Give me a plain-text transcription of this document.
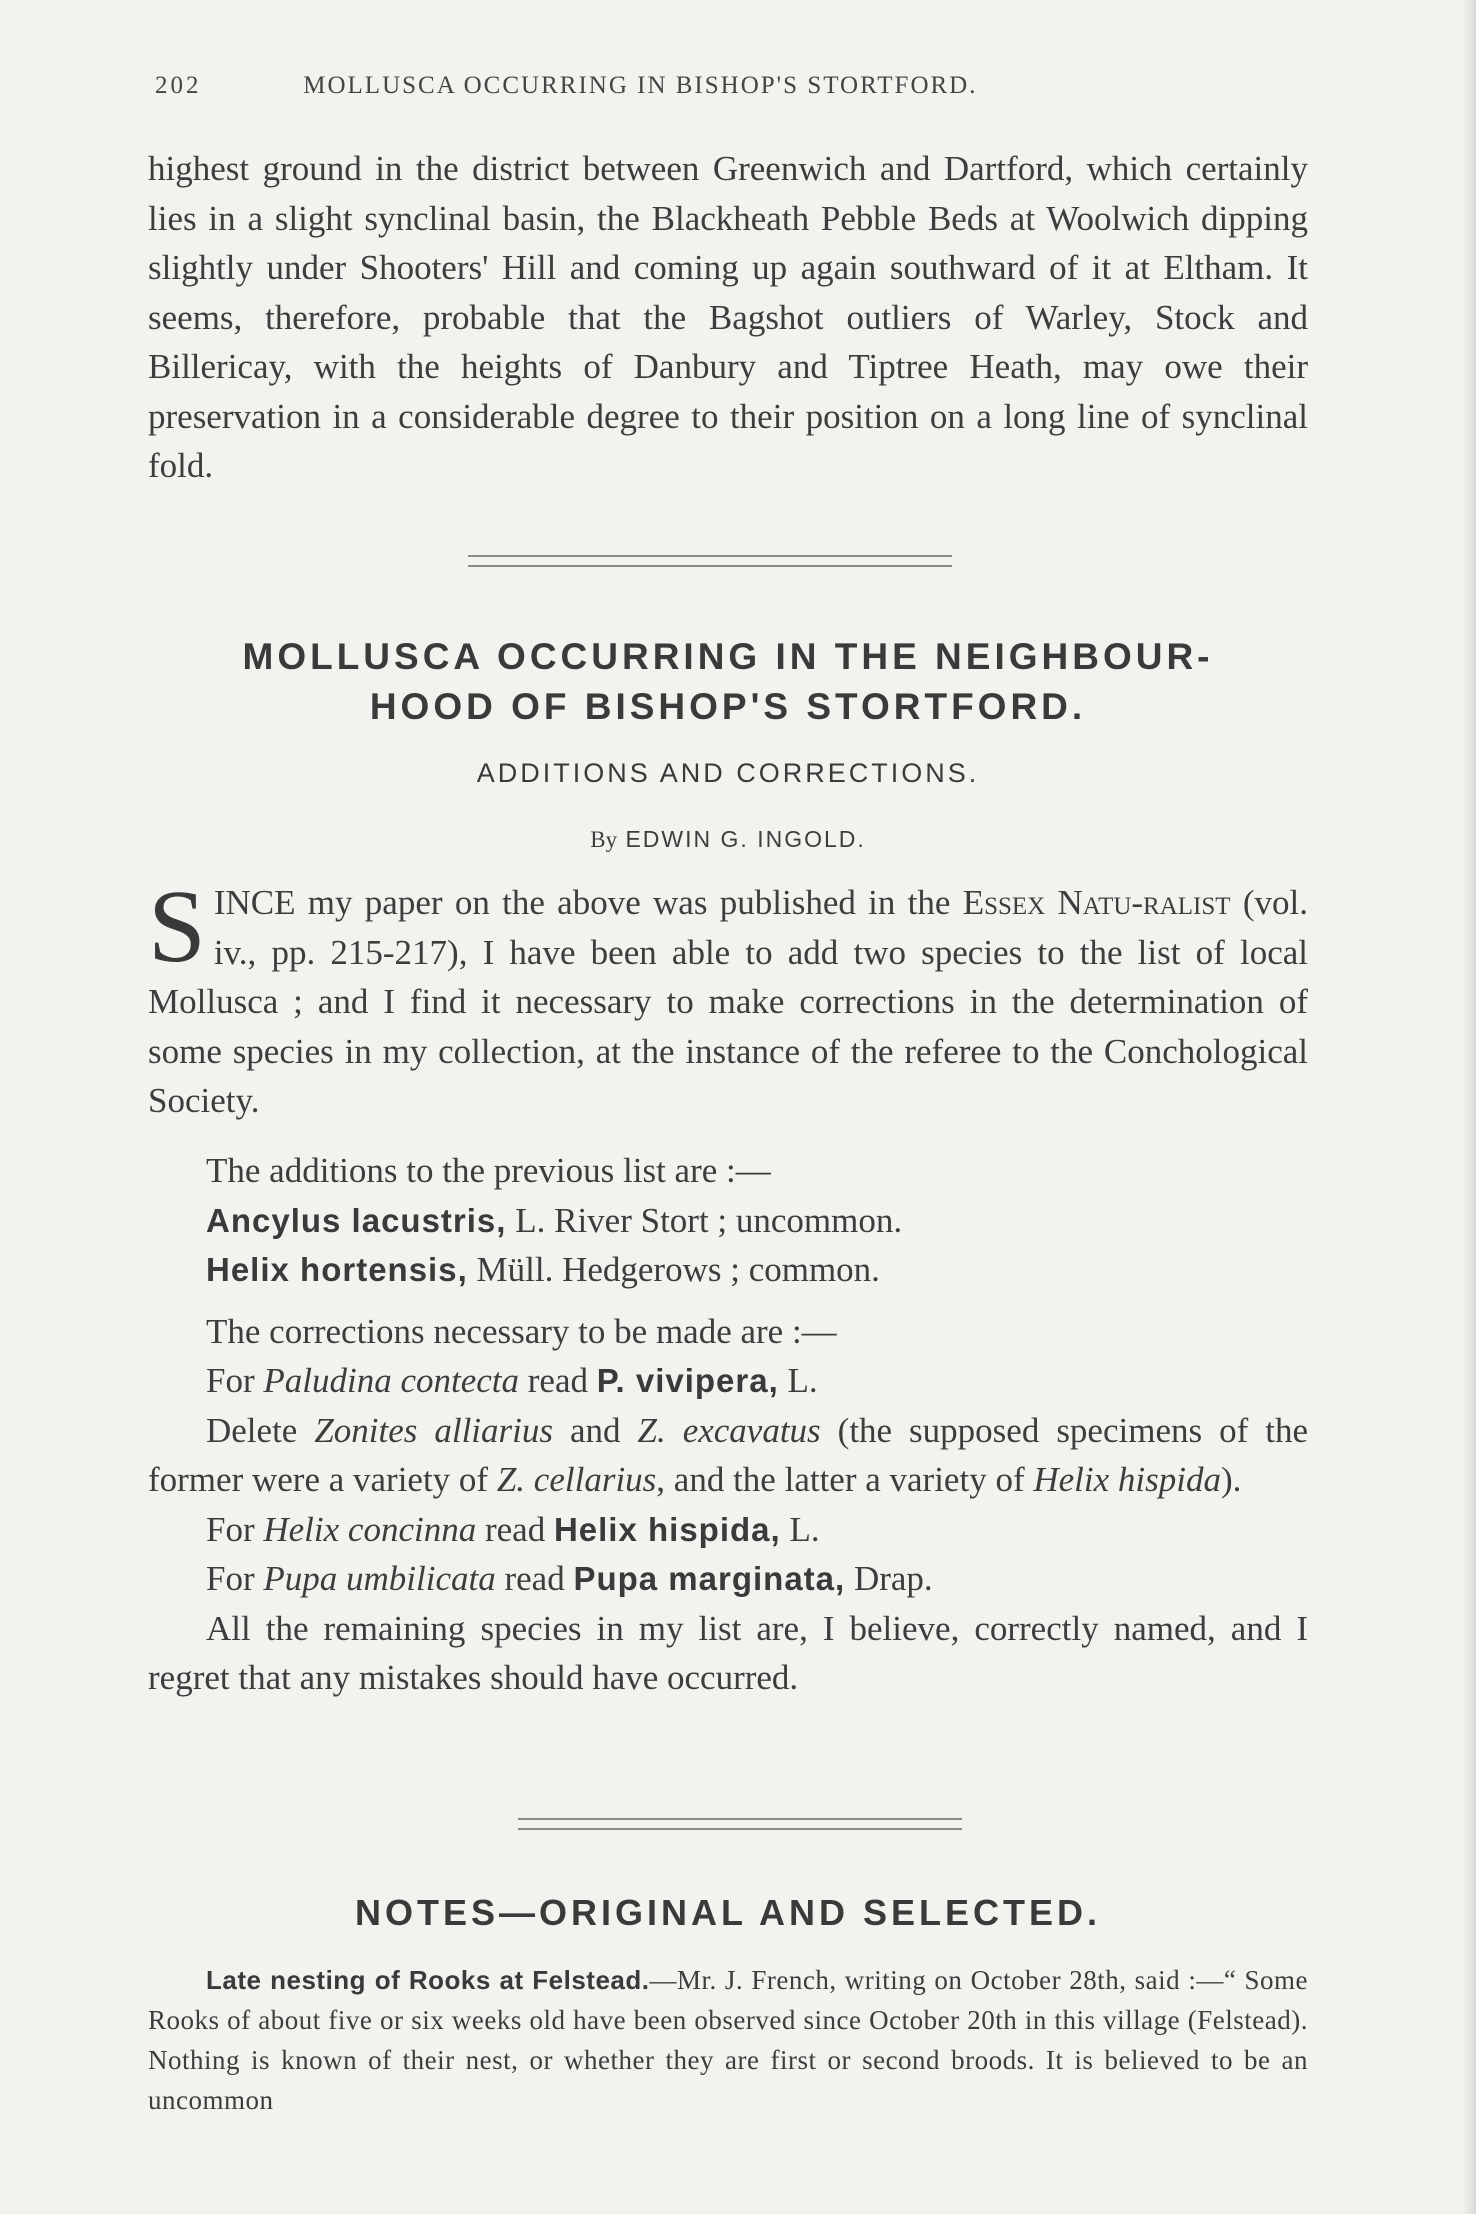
202	MOLLUSCA OCCURRING IN BISHOP'S STORTFORD.

highest ground in the district between Greenwich and Dartford, which certainly lies in a slight synclinal basin, the Blackheath Pebble Beds at Woolwich dipping slightly under Shooters' Hill and coming up again southward of it at Eltham. It seems, therefore, probable that the Bagshot outliers of Warley, Stock and Billericay, with the heights of Danbury and Tiptree Heath, may owe their preservation in a considerable degree to their position on a long line of synclinal fold.

MOLLUSCA OCCURRING IN THE NEIGHBOUR-
HOOD OF BISHOP'S STORTFORD.
ADDITIONS AND CORRECTIONS.
By EDWIN G. INGOLD.

SINCE my paper on the above was published in the Essex Natu-ralist (vol. iv., pp. 215-217), I have been able to add two species to the list of local Mollusca ; and I find it necessary to make corrections in the determination of some species in my collection, at the instance of the referee to the Conchological Society.

The additions to the previous list are :—

Ancylus lacustris, L. River Stort ; uncommon.

Helix hortensis, Müll. Hedgerows ; common.

The corrections necessary to be made are :—

For Paludina contecta read P. vivipera, L.

Delete Zonites alliarius and Z. excavatus (the supposed specimens of the former were a variety of Z. cellarius, and the latter a variety of Helix hispida).

For Helix concinna read Helix hispida, L.

For Pupa umbilicata read Pupa marginata, Drap.

All the remaining species in my list are, I believe, correctly named, and I regret that any mistakes should have occurred.

NOTES—ORIGINAL AND SELECTED.

Late nesting of Rooks at Felstead.—Mr. J. French, writing on October 28th, said :—“ Some Rooks of about five or six weeks old have been observed since October 20th in this village (Felstead). Nothing is known of their nest, or whether they are first or second broods. It is believed to be an uncommon
